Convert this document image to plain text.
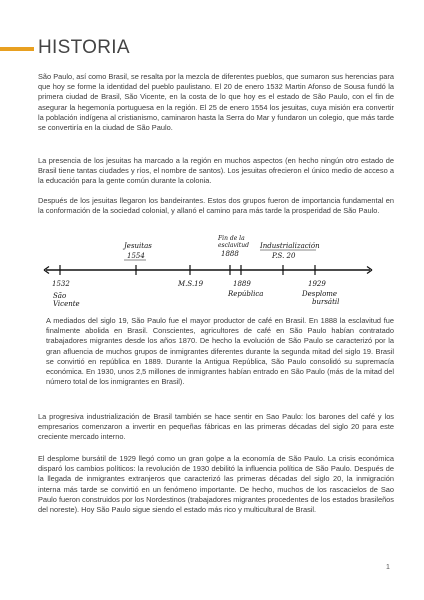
HISTORIA

São Paulo, así como Brasil, se resalta por la mezcla de diferentes pueblos, que sumaron sus herencias para que hoy se forme la identidad del pueblo paulistano. El 20 de enero 1532 Martin Afonso de Sousa fundó la primera ciudad de Brasil, São Vicente, en la costa de lo que hoy es el estado de São Paulo, con el fin de asegurar la hegemonía portuguesa en la región. El 25 de enero 1554 los jesuitas, cuya misión era convertir la población indígena al cristianismo, caminaron hasta la Serra do Mar y fundaron un colegio, que más tarde se convertiría en la ciudad de São Paulo.

La presencia de los jesuitas ha marcado a la región en muchos aspectos (en hecho ningún otro estado de Brasil tiene tantas ciudades y ríos, el nombre de santos). Los jesuitas ofrecieron el único medio de acceso a la educación para la gente común durante la colonia.

Después de los jesuitas llegaron los bandeirantes. Estos dos grupos fueron de importancia fundamental en la conformación de la sociedad colonial, y allanó el camino para más tarde la prosperidad de São Paulo.

Jesuitas
1554
Fin de la
esclavitud
1888
Industrialización
P.S. 20
1532
São
Vicente
M.S.19	1889
República
1929
Desplome
bursátil

A mediados del siglo 19, São Paulo fue el mayor productor de café en Brasil. En 1888 la esclavitud fue finalmente abolida en Brasil. Conscientes, agricultores de café en São Paulo habían contratado trabajadores migrantes desde los años 1870. De hecho la evolución de São Paulo se caracterizó por la gran afluencia de muchos grupos de inmigrantes diferentes durante la segunda mitad del siglo 19. Brasil se convirtió en república en 1889. Durante la Antigua República, São Paulo consolidó su supremacía económica. En 1930, unos 2,5 millones de inmigrantes habían entrado en São Paulo (más de la mitad del número total de los inmigrantes en Brasil).

La progresiva industrialización de Brasil también se hace sentir en Sao Paulo: los barones del café y los empresarios comenzaron a invertir en pequeñas fábricas en las primeras décadas del siglo 20 para este creciente mercado interno.

El desplome bursátil de 1929 llegó como un gran golpe a la economía de São Paulo. La crisis económica disparó los cambios políticos: la revolución de 1930 debilitó la influencia política de São Paulo. Después de la llegada de inmigrantes extranjeros que caracterizó las primeras décadas del siglo 20, la inmigración interna más tarde se convirtió en un fenómeno importante. De hecho, muchos de los rascacielos de Sao Paulo fueron construidos por los Nordestinos (trabajadores migrantes procedentes de los estados brasileños del noreste). Hoy São Paulo sigue siendo el estado más rico y multicultural de Brasil.

1
